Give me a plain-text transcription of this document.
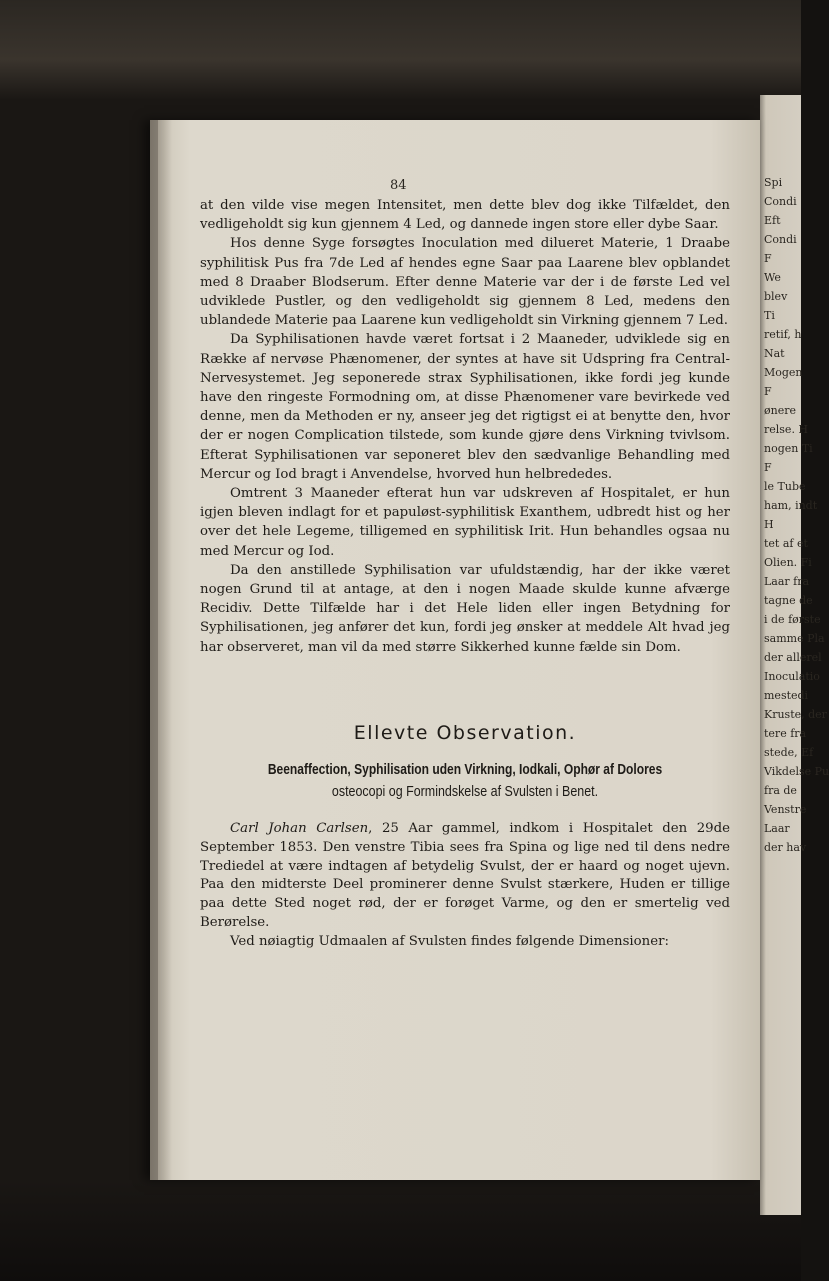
Spi
Condi
Eft
Condi
F
We
blev
Ti
retif, h
Nat
Mogen
F
ønere
relse. H
nogen Ti
F
le Tube
ham, indt
H
tet af et
Olien. Fi
Laar fra
tagne de
i de første
samme Pla
der allerel
Inoculatio
mestedi
Kruste, der
tere fra
stede, Ef
Vikdelse Pu
fra de
Venstre
Laar
der hav
84

at den vilde vise megen Intensitet, men dette blev dog ikke Tilfældet, den vedligeholdt sig kun gjennem 4 Led, og dannede ingen store eller dybe Saar.

Hos denne Syge forsøgtes Inoculation med dilueret Materie, 1 Draabe syphilitisk Pus fra 7de Led af hendes egne Saar paa Laarene blev opblandet med 8 Draaber Blodserum. Efter denne Materie var der i de første Led vel udviklede Pustler, og den vedligeholdt sig gjennem 8 Led, medens den ublandede Materie paa Laarene kun vedligeholdt sin Virkning gjennem 7 Led.

Da Syphilisationen havde været fortsat i 2 Maaneder, udviklede sig en Række af nervøse Phænomener, der syntes at have sit Udspring fra Central-Nervesystemet. Jeg seponerede strax Syphilisationen, ikke fordi jeg kunde have den ringeste Formodning om, at disse Phænomener vare bevirkede ved denne, men da Methoden er ny, anseer jeg det rigtigst ei at benytte den, hvor der er nogen Complication tilstede, som kunde gjøre dens Virkning tvivlsom. Efterat Syphilisationen var seponeret blev den sædvanlige Behandling med Mercur og Iod bragt i Anvendelse, hvorved hun helbrededes.

Omtrent 3 Maaneder efterat hun var udskreven af Hospitalet, er hun igjen bleven indlagt for et papuløst-syphilitisk Exanthem, udbredt hist og her over det hele Legeme, tilligemed en syphilitisk Irit. Hun behandles ogsaa nu med Mercur og Iod.

Da den anstillede Syphilisation var ufuldstændig, har der ikke været nogen Grund til at antage, at den i nogen Maade skulde kunne afværge Recidiv. Dette Tilfælde har i det Hele liden eller ingen Betydning for Syphilisationen, jeg anfører det kun, fordi jeg ønsker at meddele Alt hvad jeg har observeret, man vil da med større Sikkerhed kunne fælde sin Dom.

Ellevte Observation.
Beenaffection, Syphilisation uden Virkning, Iodkali, Ophør af Dolores
osteocopi og Formindskelse af Svulsten i Benet.

Carl Johan Carlsen, 25 Aar gammel, indkom i Hospitalet den 29de September 1853. Den venstre Tibia sees fra Spina og lige ned til dens nedre Trediedel at være indtagen af betydelig Svulst, der er haard og noget ujevn. Paa den midterste Deel prominerer denne Svulst stærkere, Huden er tillige paa dette Sted noget rød, der er forøget Varme, og den er smertelig ved Berørelse.

Ved nøiagtig Udmaalen af Svulsten findes følgende Dimensioner:
